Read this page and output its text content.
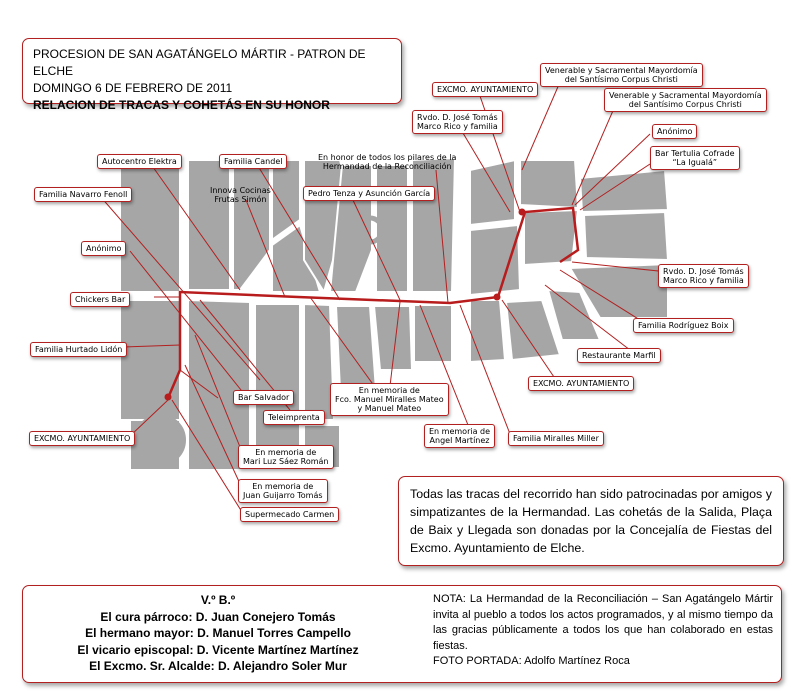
PROCESION DE SAN AGATÁNGELO MÁRTIR - PATRON DE ELCHE
DOMINGO 6 DE FEBRERO DE 2011
RELACION DE TRACAS Y COHETÁS EN SU HONOR
EXCMO. AYUNTAMIENTO
Venerable y Sacramental Mayordomía
del Santísimo Corpus Christi
Venerable y Sacramental Mayordomía
del Santísimo Corpus Christi
Rvdo. D. José Tomás
Marco Rico y familia
Anónimo
Bar Tertulia Cofrade
“La Igualá”
Autocentro Elektra	Familia Candel	En honor de todos los pilares de la
Hermandad de la Reconciliación
Familia Navarro Fenoll	Innova Cocinas
Frutas Simón
Pedro Tenza y Asunción García
Anónimo
Chickers Bar
Rvdo. D. José Tomás
Marco Rico y familia
Familia Rodríguez Boix
Familia Hurtado Lidón
Restaurante Marfil
EXCMO. AYUNTAMIENTO
En memoria de
Fco. Manuel Miralles Mateo
y Manuel Mateo
Bar Salvador
Teleimprenta
EXCMO. AYUNTAMIENTO
En memoria de
Angel Martínez	Familia Miralles Miller
En memoria de
Mari Luz Sáez Román
En memoria de
Juan Guijarro Tomás
Supermecado Carmen
Todas las tracas del recorrido han sido patrocinadas por amigos y simpatizantes de la Hermandad. Las cohetás de la Salida, Plaça de Baix y Llegada son donadas por la Concejalía de Fiestas del Excmo. Ayuntamiento de Elche.
V.º B.º
El cura párroco: D. Juan Conejero Tomás
El hermano mayor: D. Manuel Torres Campello
El vicario episcopal: D. Vicente Martínez Martínez
El Excmo. Sr. Alcalde: D. Alejandro Soler Mur
NOTA: La Hermandad de la Reconciliación – San Agatángelo Mártir invita al pueblo a todos los actos programados, y al mismo tiempo da las gracias públicamente a todos los que han colaborado en estas fiestas.
FOTO PORTADA: Adolfo Martínez Roca
